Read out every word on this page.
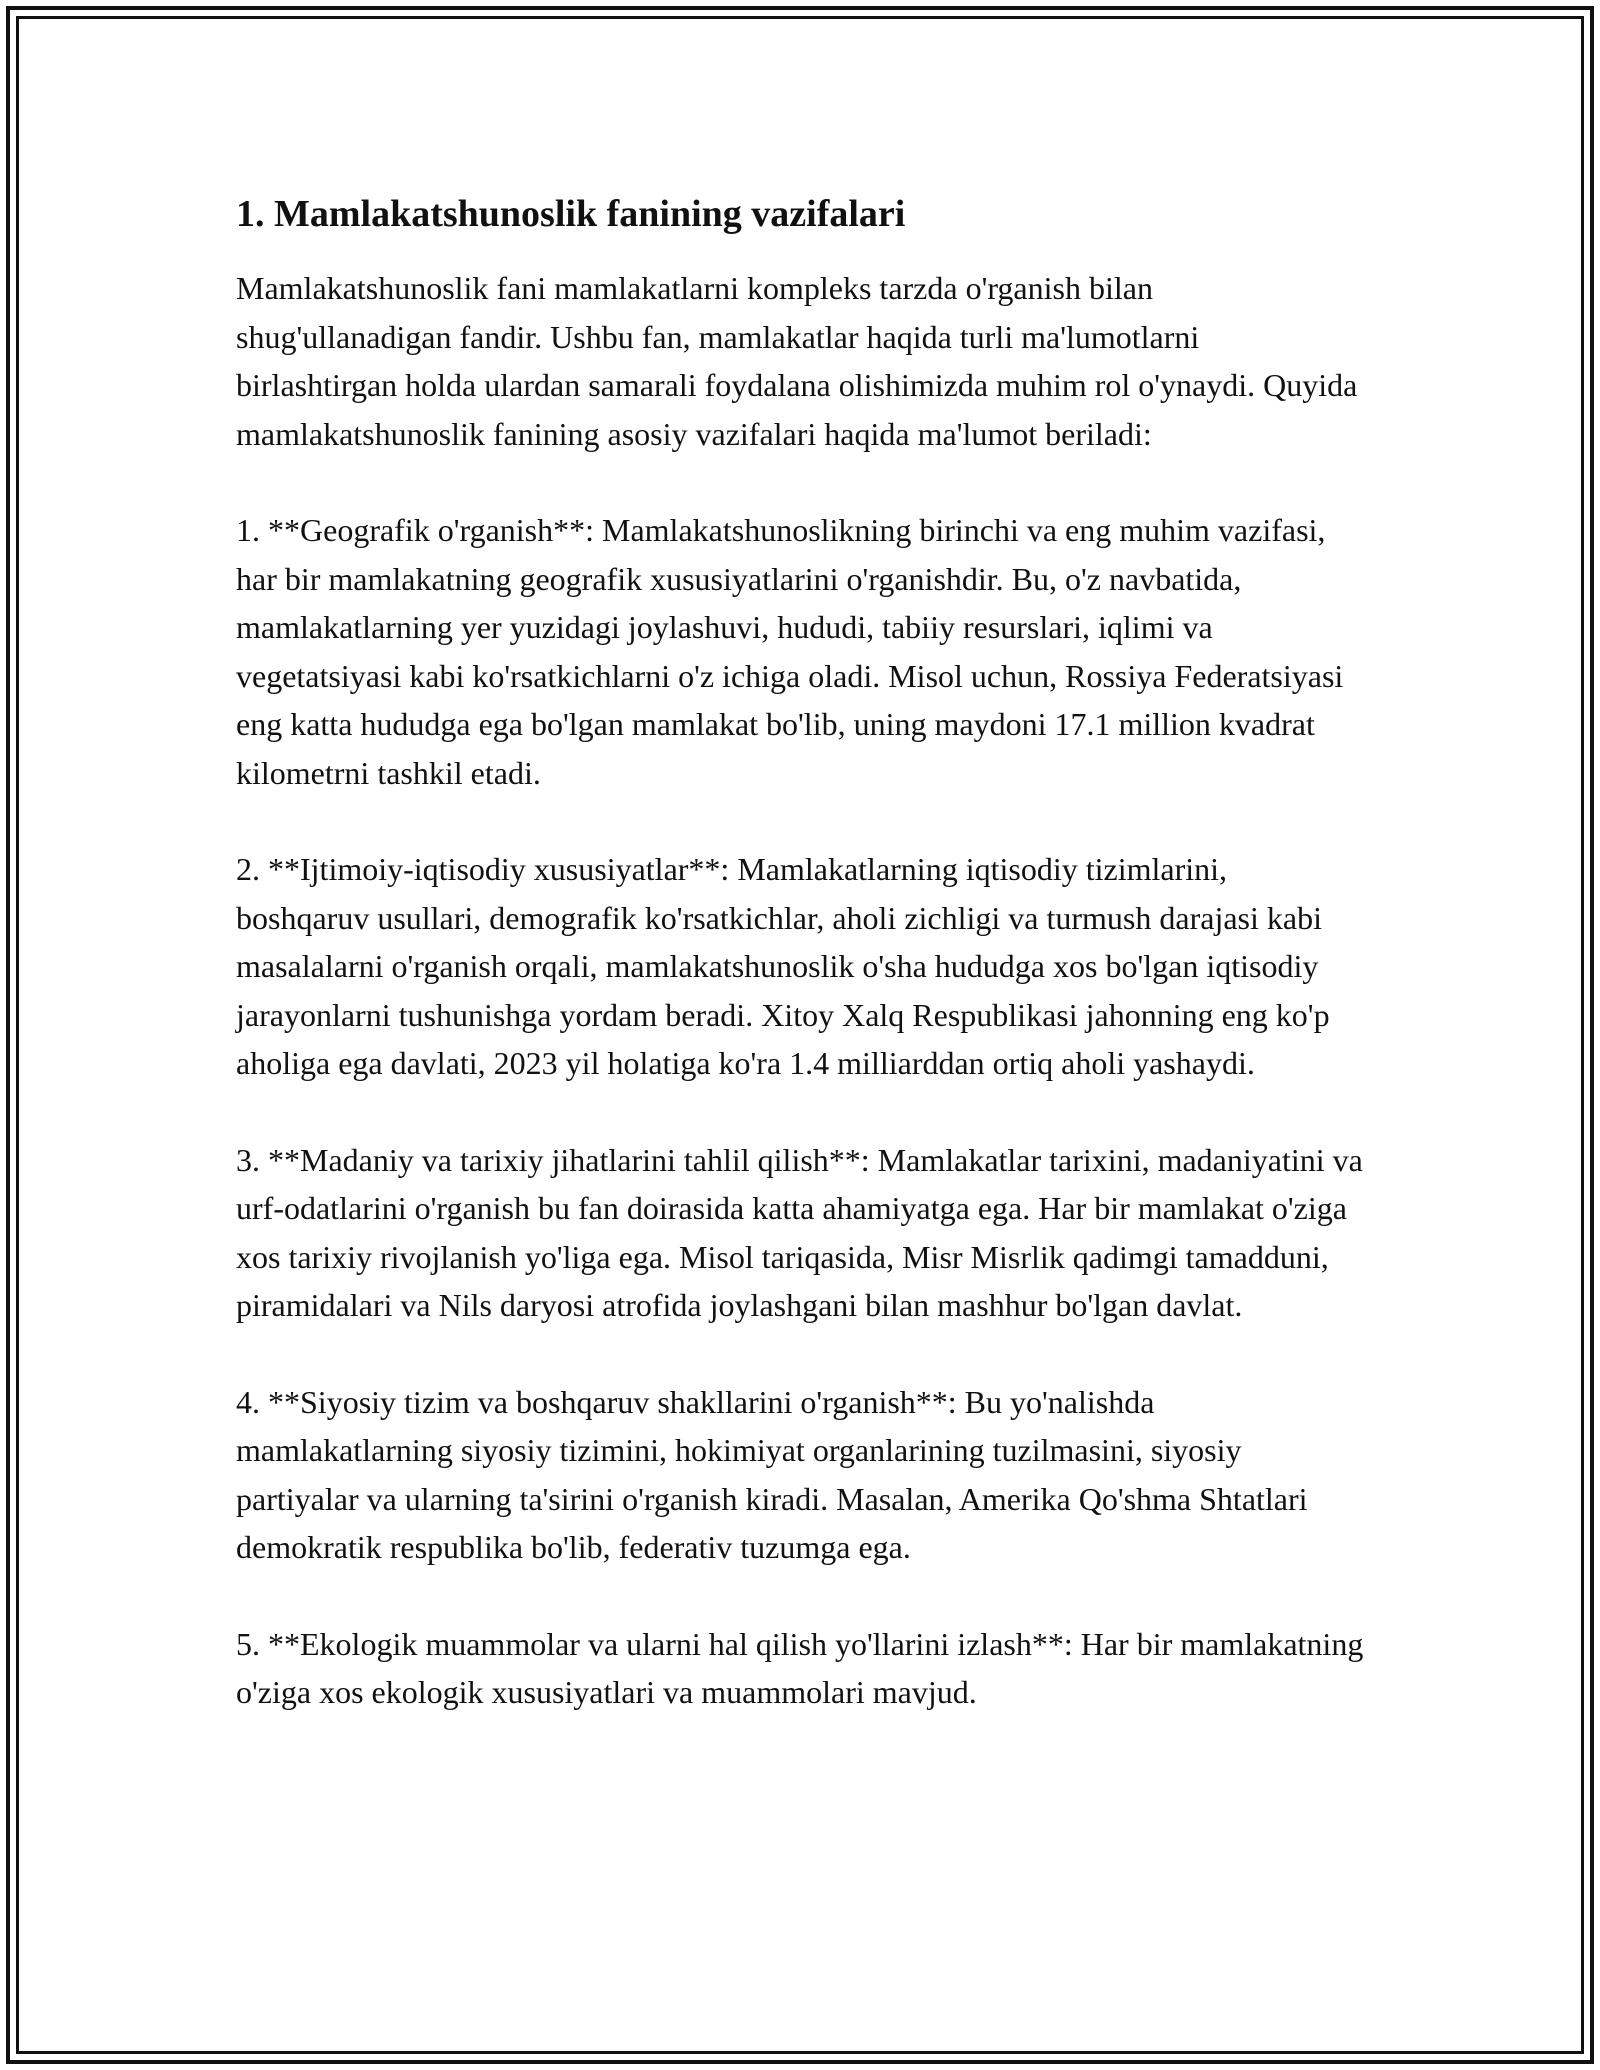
1. Mamlakatshunoslik fanining vazifalari

Mamlakatshunoslik fani mamlakatlarni kompleks tarzda o'rganish bilan shug'ullanadigan fandir. Ushbu fan, mamlakatlar haqida turli ma'lumotlarni birlashtirgan holda ulardan samarali foydalana olishimizda muhim rol o'ynaydi. Quyida mamlakatshunoslik fanining asosiy vazifalari haqida ma'lumot beriladi:

1. **Geografik o'rganish**: Mamlakatshunoslikning birinchi va eng muhim vazifasi, har bir mamlakatning geografik xususiyatlarini o'rganishdir. Bu, o'z navbatida, mamlakatlarning yer yuzidagi joylashuvi, hududi, tabiiy resurslari, iqlimi va vegetatsiyasi kabi ko'rsatkichlarni o'z ichiga oladi. Misol uchun, Rossiya Federatsiyasi eng katta hududga ega bo'lgan mamlakat bo'lib, uning maydoni 17.1 million kvadrat kilometrni tashkil etadi.

2. **Ijtimoiy-iqtisodiy xususiyatlar**: Mamlakatlarning iqtisodiy tizimlarini, boshqaruv usullari, demografik ko'rsatkichlar, aholi zichligi va turmush darajasi kabi masalalarni o'rganish orqali, mamlakatshunoslik o'sha hududga xos bo'lgan iqtisodiy jarayonlarni tushunishga yordam beradi. Xitoy Xalq Respublikasi jahonning eng ko'p aholiga ega davlati, 2023 yil holatiga ko'ra 1.4 milliarddan ortiq aholi yashaydi.

3. **Madaniy va tarixiy jihatlarini tahlil qilish**: Mamlakatlar tarixini, madaniyatini va urf-odatlarini o'rganish bu fan doirasida katta ahamiyatga ega. Har bir mamlakat o'ziga xos tarixiy rivojlanish yo'liga ega. Misol tariqasida, Misr Misrlik qadimgi tamadduni, piramidalari va Nils daryosi atrofida joylashgani bilan mashhur bo'lgan davlat.

4. **Siyosiy tizim va boshqaruv shakllarini o'rganish**: Bu yo'nalishda mamlakatlarning siyosiy tizimini, hokimiyat organlarining tuzilmasini, siyosiy partiyalar va ularning ta'sirini o'rganish kiradi. Masalan, Amerika Qo'shma Shtatlari demokratik respublika bo'lib, federativ tuzumga ega.

5. **Ekologik muammolar va ularni hal qilish yo'llarini izlash**: Har bir mamlakatning o'ziga xos ekologik xususiyatlari va muammolari mavjud.
